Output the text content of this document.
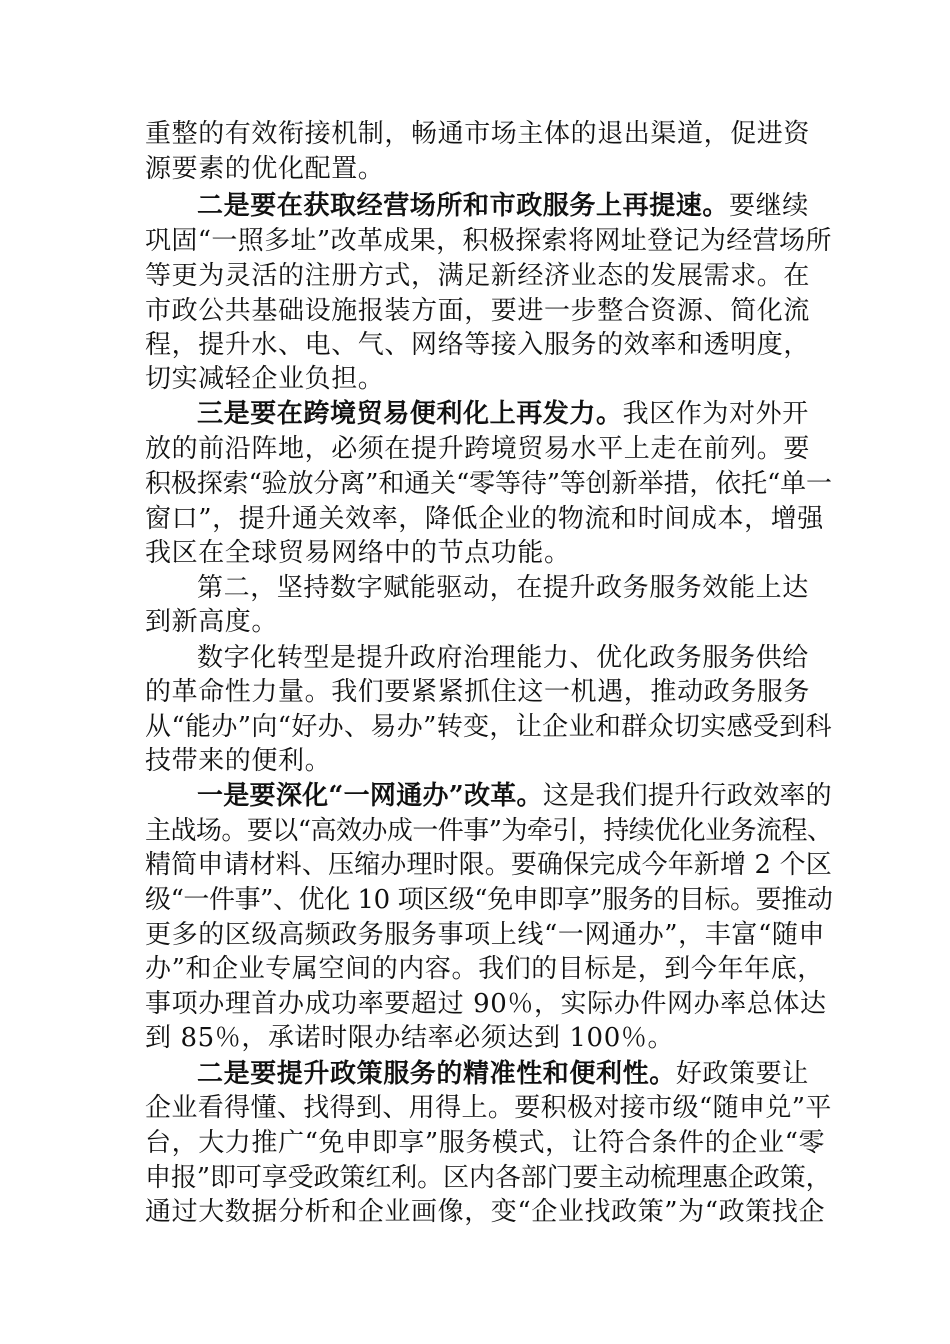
重整的有效衔接机制，畅通市场主体的退出渠道，促进资
源要素的优化配置。
二是要在获取经营场所和市政服务上再提速。要继续
巩固“一照多址”改革成果，积极探索将网址登记为经营场所
等更为灵活的注册方式，满足新经济业态的发展需求。在
市政公共基础设施报装方面，要进一步整合资源、简化流
程，提升水、电、气、网络等接入服务的效率和透明度，
切实减轻企业负担。
三是要在跨境贸易便利化上再发力。我区作为对外开
放的前沿阵地，必须在提升跨境贸易水平上走在前列。要
积极探索“验放分离”和通关“零等待”等创新举措，依托“单一
窗口”，提升通关效率，降低企业的物流和时间成本，增强
我区在全球贸易网络中的节点功能。
第二，坚持数字赋能驱动，在提升政务服务效能上达
到新高度。
数字化转型是提升政府治理能力、优化政务服务供给
的革命性力量。我们要紧紧抓住这一机遇，推动政务服务
从“能办”向“好办、易办”转变，让企业和群众切实感受到科
技带来的便利。
一是要深化“一网通办”改革。这是我们提升行政效率的
主战场。要以“高效办成一件事”为牵引，持续优化业务流程、
精简申请材料、压缩办理时限。要确保完成今年新增 2 个区
级“一件事”、优化 10 项区级“免申即享”服务的目标。要推动
更多的区级高频政务服务事项上线“一网通办”，丰富“随申
办”和企业专属空间的内容。我们的目标是，到今年年底，
事项办理首办成功率要超过 90％，实际办件网办率总体达
到 85％，承诺时限办结率必须达到 100％。
二是要提升政策服务的精准性和便利性。好政策要让
企业看得懂、找得到、用得上。要积极对接市级“随申兑”平
台，大力推广“免申即享”服务模式，让符合条件的企业“零
申报”即可享受政策红利。区内各部门要主动梳理惠企政策，
通过大数据分析和企业画像，变“企业找政策”为“政策找企
